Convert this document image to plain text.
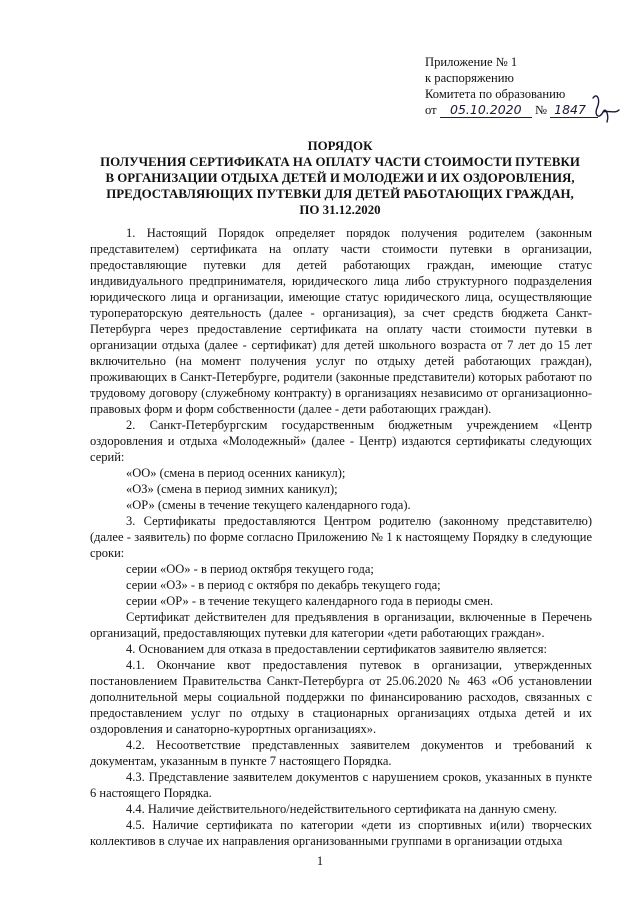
Приложение № 1
к распоряжению
Комитета по образованию
от 05.10.2020 № 1847
ПОРЯДОК
ПОЛУЧЕНИЯ СЕРТИФИКАТА НА ОПЛАТУ ЧАСТИ СТОИМОСТИ ПУТЕВКИ
В ОРГАНИЗАЦИИ ОТДЫХА ДЕТЕЙ И МОЛОДЕЖИ И ИХ ОЗДОРОВЛЕНИЯ,
ПРЕДОСТАВЛЯЮЩИХ ПУТЕВКИ ДЛЯ ДЕТЕЙ РАБОТАЮЩИХ ГРАЖДАН,
ПО 31.12.2020

1. Настоящий Порядок определяет порядок получения родителем (законным представителем) сертификата на оплату части стоимости путевки в организации, предоставляющие путевки для детей работающих граждан, имеющие статус индивидуального предпринимателя, юридического лица либо структурного подразделения юридического лица и организации, имеющие статус юридического лица, осуществляющие туроператорскую деятельность (далее - организация), за счет средств бюджета Санкт-Петербурга через предоставление сертификата на оплату части стоимости путевки в организации отдыха (далее - сертификат) для детей школьного возраста от 7 лет до 15 лет включительно (на момент получения услуг по отдыху детей работающих граждан), проживающих в Санкт-Петербурге, родители (законные представители) которых работают по трудовому договору (служебному контракту) в организациях независимо от организационно-правовых форм и форм собственности (далее - дети работающих граждан).

2. Санкт-Петербургским государственным бюджетным учреждением «Центр оздоровления и отдыха «Молодежный» (далее - Центр) издаются сертификаты следующих серий:

«ОО» (смена в период осенних каникул);

«ОЗ» (смена в период зимних каникул);

«ОР» (смены в течение текущего календарного года).

3. Сертификаты предоставляются Центром родителю (законному представителю) (далее - заявитель) по форме согласно Приложению № 1 к настоящему Порядку в следующие сроки:

серии «ОО» - в период октября текущего года;

серии «ОЗ» - в период с октября по декабрь текущего года;

серии «ОР» - в течение текущего календарного года в периоды смен.

Сертификат действителен для предъявления в организации, включенные в Перечень организаций, предоставляющих путевки для категории «дети работающих граждан».

4. Основанием для отказа в предоставлении сертификатов заявителю является:

4.1. Окончание квот предоставления путевок в организации, утвержденных постановлением Правительства Санкт-Петербурга от 25.06.2020 № 463 «Об установлении дополнительной меры социальной поддержки по финансированию расходов, связанных с предоставлением услуг по отдыху в стационарных организациях отдыха детей и их оздоровления и санаторно-курортных организациях».

4.2. Несоответствие представленных заявителем документов и требований к документам, указанным в пункте 7 настоящего Порядка.

4.3. Представление заявителем документов с нарушением сроков, указанных в пункте 6 настоящего Порядка.

4.4. Наличие действительного/недействительного сертификата на данную смену.

4.5. Наличие сертификата по категории «дети из спортивных и(или) творческих коллективов в случае их направления организованными группами в организации отдыха

1
